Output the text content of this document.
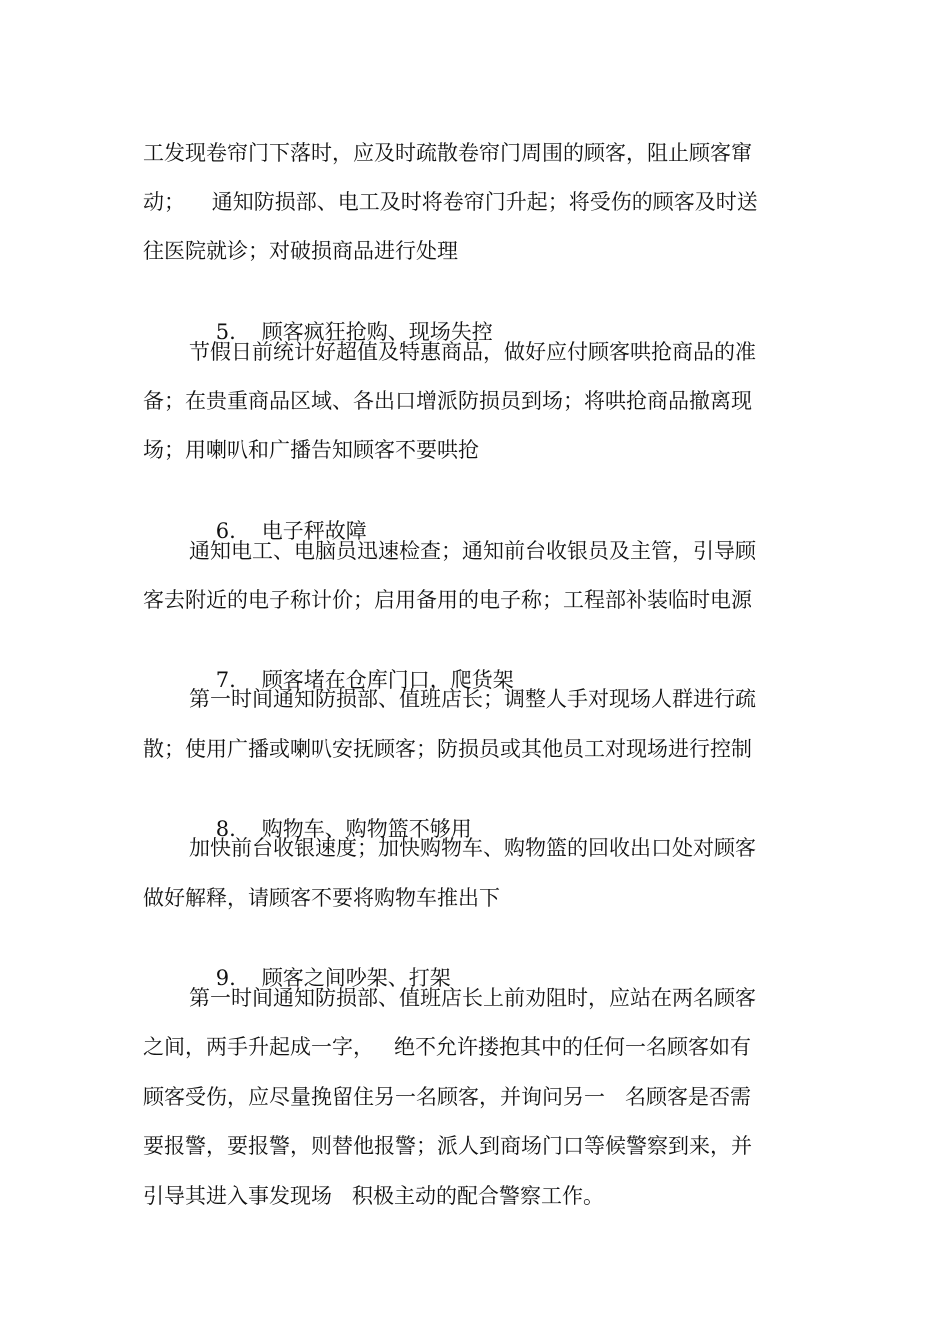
工发现卷帘门下落时，应及时疏散卷帘门周围的顾客，阻止顾客窜
动；    通知防损部、电工及时将卷帘门升起；将受伤的顾客及时送
往医院就诊；对破损商品进行处理

5. 顾客疯狂抢购、现场失控

节假日前统计好超值及特惠商品，做好应付顾客哄抢商品的准
备；在贵重商品区域、各出口增派防损员到场；将哄抢商品撤离现
场；用喇叭和广播告知顾客不要哄抢

6. 电子秤故障

通知电工、电脑员迅速检查；通知前台收银员及主管，引导顾
客去附近的电子称计价；启用备用的电子称；工程部补装临时电源

7. 顾客堵在仓库门口，爬货架

第一时间通知防损部、值班店长；调整人手对现场人群进行疏
散；使用广播或喇叭安抚顾客；防损员或其他员工对现场进行控制

8. 购物车、购物篮不够用

加快前台收银速度；加快购物车、购物篮的回收出口处对顾客
做好解释，请顾客不要将购物车推出下

9. 顾客之间吵架、打架

第一时间通知防损部、值班店长上前劝阻时，应站在两名顾客
之间，两手升起成一字，   绝不允许搂抱其中的任何一名顾客如有
顾客受伤，应尽量挽留住另一名顾客，并询问另一   名顾客是否需
要报警，要报警，则替他报警；派人到商场门口等候警察到来，并
引导其进入事发现场   积极主动的配合警察工作。
